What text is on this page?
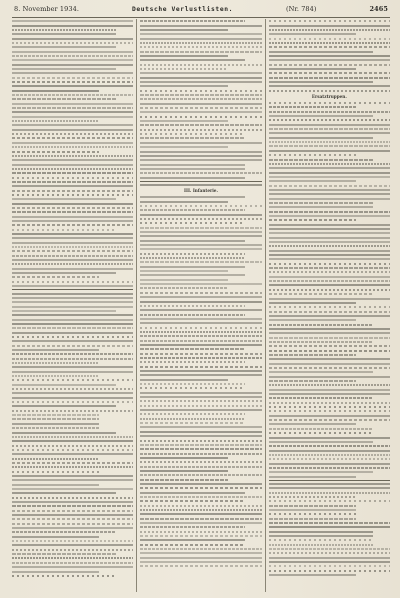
8. November 1934.	Deutsche Verlustlisten.	(Nr. 784)	2465
III. Infanterie.
Ersatztruppen.
